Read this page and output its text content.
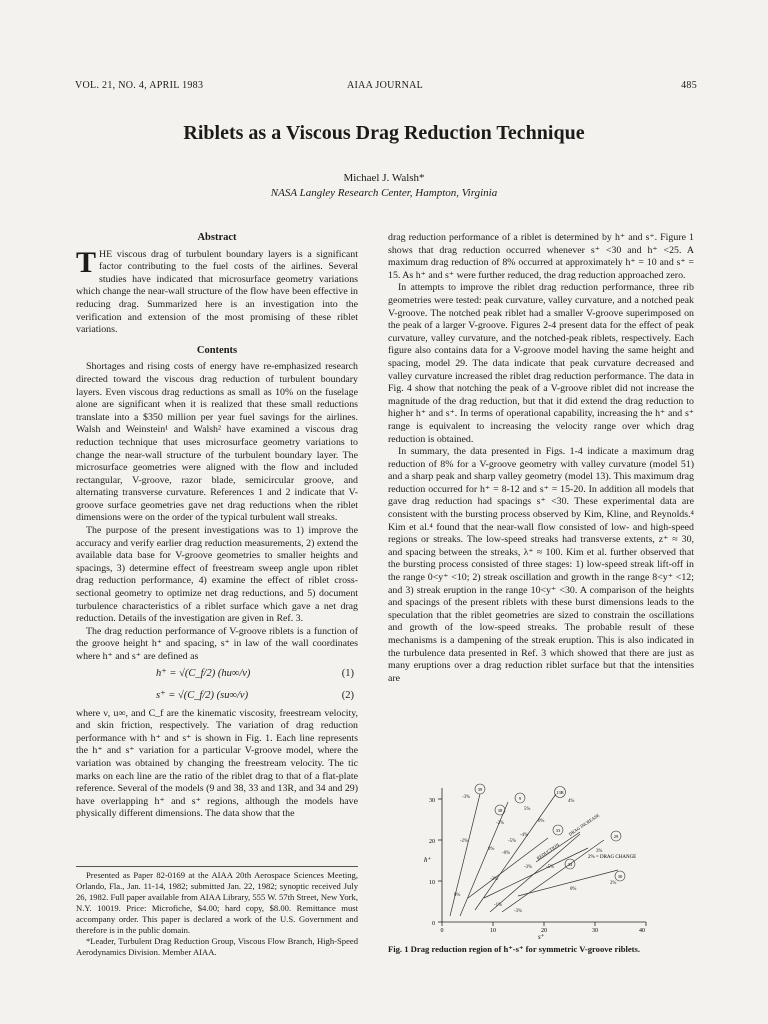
VOL. 21, NO. 4, APRIL 1983	AIAA JOURNAL	485
Riblets as a Viscous Drag Reduction Technique
Michael J. Walsh*
NASA Langley Research Center, Hampton, Virginia
Abstract

THE viscous drag of turbulent boundary layers is a significant factor contributing to the fuel costs of the airlines. Several studies have indicated that microsurface geometry variations which change the near-wall structure of the flow have been effective in reducing drag. Summarized here is an investigation into the verification and extension of the most promising of these riblet variations.

Contents

Shortages and rising costs of energy have re-emphasized research directed toward the viscous drag reduction of turbulent boundary layers. Even viscous drag reductions as small as 10% on the fuselage alone are significant when it is realized that these small reductions translate into a $350 million per year fuel savings for the airlines. Walsh and Weinstein¹ and Walsh² have examined a viscous drag reduction technique that uses microsurface geometry variations to change the near-wall structure of the turbulent boundary layer. The microsurface geometries were aligned with the flow and included rectangular, V-groove, razor blade, semicircular groove, and alternating transverse curvature. References 1 and 2 indicate that V-groove surface geometries gave net drag reductions when the riblet dimensions were on the order of the typical turbulent wall streaks.

The purpose of the present investigations was to 1) improve the accuracy and verify earlier drag reduction measurements, 2) extend the available data base for V-groove geometries to smaller heights and spacings, 3) determine effect of freestream sweep angle upon riblet drag reduction performance, 4) examine the effect of riblet cross-sectional geometry to optimize net drag reductions, and 5) document turbulence characteristics of a riblet surface which gave a net drag reduction. Details of the investigation are given in Ref. 3.

The drag reduction performance of V-groove riblets is a function of the groove height h⁺ and spacing, s⁺ in law of the wall coordinates where h⁺ and s⁺ are defined as

h⁺ = √(C_f/2) (hu∞/ν)	(1)
s⁺ = √(C_f/2) (su∞/ν)	(2)

where ν, u∞, and C_f are the kinematic viscosity, freestream velocity, and skin friction, respectively. The variation of drag reduction performance with h⁺ and s⁺ is shown in Fig. 1. Each line represents the h⁺ and s⁺ variation for a particular V-groove model, where the variation was obtained by changing the freestream velocity. The tic marks on each line are the ratio of the riblet drag to that of a flat-plate reference. Several of the models (9 and 38, 33 and 13R, and 34 and 29) have overlapping h⁺ and s⁺ regions, although the models have physically different dimensions. The data show that the

Presented as Paper 82-0169 at the AIAA 20th Aerospace Sciences Meeting, Orlando, Fla., Jan. 11-14, 1982; submitted Jan. 22, 1982; synoptic received July 26, 1982. Full paper available from AIAA Library, 555 W. 57th Street, New York, N.Y. 10019. Price: Microfiche, $4.00; hard copy, $8.00. Remittance must accompany order. This paper is declared a work of the U.S. Government and therefore is in the public domain.

*Leader, Turbulent Drag Reduction Group, Viscous Flow Branch, High-Speed Aerodynamics Division. Member AIAA.

drag reduction performance of a riblet is determined by h⁺ and s⁺. Figure 1 shows that drag reduction occurred whenever s⁺ <30 and h⁺ <25. A maximum drag reduction of 8% occurred at approximately h⁺ = 10 and s⁺ = 15. As h⁺ and s⁺ were further reduced, the drag reduction approached zero.

In attempts to improve the riblet drag reduction performance, three rib geometries were tested: peak curvature, valley curvature, and a notched peak V-groove. The notched peak riblet had a smaller V-groove superimposed on the peak of a larger V-groove. Figures 2-4 present data for the effect of peak curvature, valley curvature, and the notched-peak riblets, respectively. Each figure also contains data for a V-groove model having the same height and spacing, model 29. The data indicate that peak curvature decreased and valley curvature increased the riblet drag reduction performance. The data in Fig. 4 show that notching the peak of a V-groove riblet did not increase the magnitude of the drag reduction, but that it did extend the drag reduction to higher h⁺ and s⁺. In terms of operational capability, increasing the h⁺ and s⁺ range is equivalent to increasing the velocity range over which drag reduction is obtained.

In summary, the data presented in Figs. 1-4 indicate a maximum drag reduction of 8% for a V-groove geometry with valley curvature (model 51) and a sharp peak and sharp valley geometry (model 13). This maximum drag reduction occurred for h⁺ = 8-12 and s⁺ = 15-20. In addition all models that gave drag reduction had spacings s⁺ <30. These experimental data are consistent with the bursting process observed by Kim, Kline, and Reynolds.⁴ Kim et al.⁴ found that the near-wall flow consisted of low- and high-speed regions or streaks. The low-speed streaks had transverse extents, z⁺ ≈ 30, and spacing between the streaks, λ⁺ ≈ 100. Kim et al. further observed that the bursting process consisted of three stages: 1) low-speed streak lift-off in the range 0<y⁺ <10; 2) streak oscillation and growth in the range 8<y⁺ <12; and 3) streak eruption in the range 10<y⁺ <30. A comparison of the heights and spacings of the present riblets with these burst dimensions leads to the speculation that the riblet geometries are sized to constrain the oscillations and growth of the low-speed streaks. The probable result of these mechanisms is a dampening of the streak eruption. This is also indicated in the turbulence data presented in Ref. 3 which showed that there are just as many eruptions over a drag reduction riblet surface but that the intensities are

0
10
20
30
0	10	20	30	40
h⁺
s⁺
39
9
13R
38
33
29
34
30
-3%
4%
5%
0%
-2%
-2%	-5%
-4%
0%
-8%
-3%	-5%
-2%
0%
-1%
-3%
2%
3%
0%
REDUCTION
DRAG INCREASE
2% = DRAG CHANGE
Fig. 1 Drag reduction region of h⁺-s⁺ for symmetric V-groove riblets.
